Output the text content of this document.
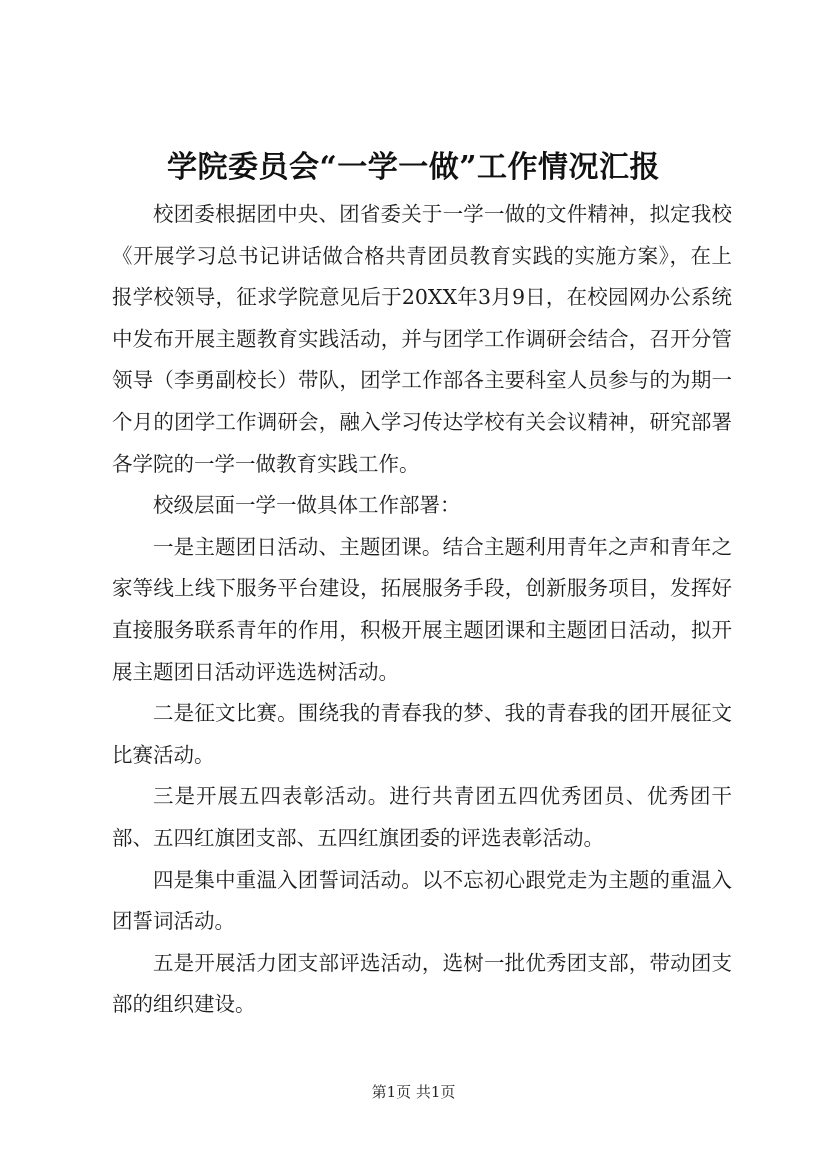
学院委员会“一学一做”工作情况汇报

校团委根据团中央、团省委关于一学一做的文件精神，拟定我校《开展学习总书记讲话做合格共青团员教育实践的实施方案》，在上报学校领导，征求学院意见后于20XX年3月9日，在校园网办公系统中发布开展主题教育实践活动，并与团学工作调研会结合，召开分管领导（李勇副校长）带队，团学工作部各主要科室人员参与的为期一个月的团学工作调研会，融入学习传达学校有关会议精神，研究部署各学院的一学一做教育实践工作。

校级层面一学一做具体工作部署：

一是主题团日活动、主题团课。结合主题利用青年之声和青年之家等线上线下服务平台建设，拓展服务手段，创新服务项目，发挥好直接服务联系青年的作用，积极开展主题团课和主题团日活动，拟开展主题团日活动评选选树活动。

二是征文比赛。围绕我的青春我的梦、我的青春我的团开展征文比赛活动。

三是开展五四表彰活动。进行共青团五四优秀团员、优秀团干部、五四红旗团支部、五四红旗团委的评选表彰活动。

四是集中重温入团誓词活动。以不忘初心跟党走为主题的重温入团誓词活动。

五是开展活力团支部评选活动，选树一批优秀团支部，带动团支部的组织建设。

第1页 共1页
